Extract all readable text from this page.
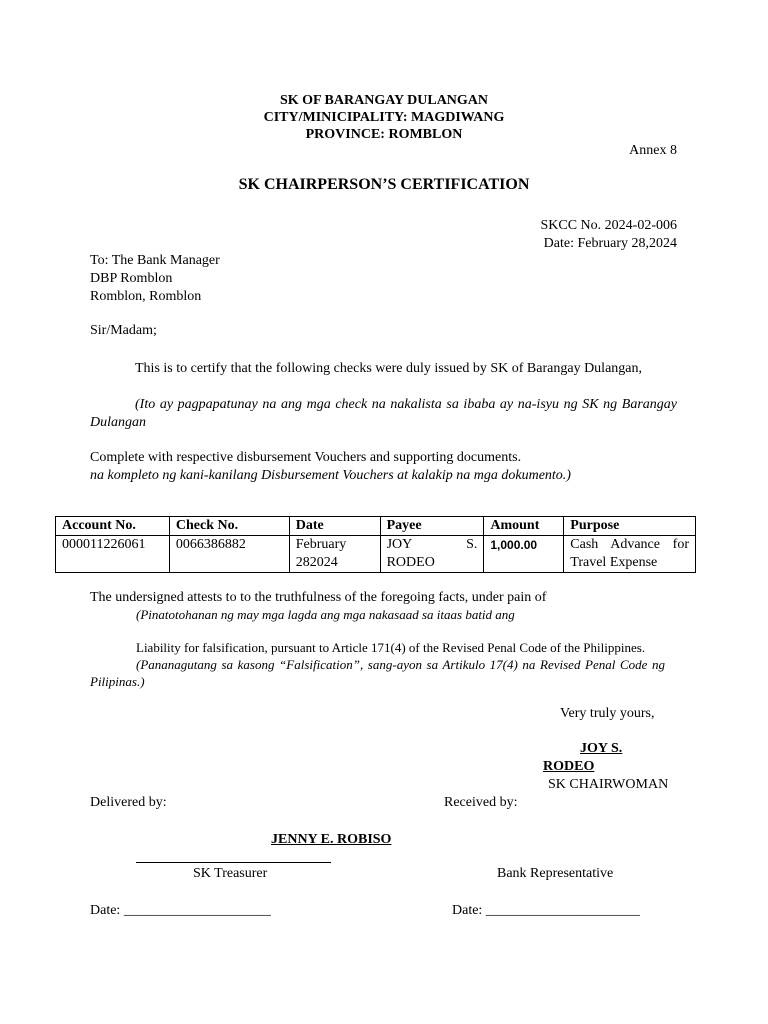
SK OF BARANGAY DULANGAN
CITY/MINICIPALITY: MAGDIWANG
PROVINCE: ROMBLON
Annex 8
SK CHAIRPERSON’S CERTIFICATION
SKCC No. 2024-02-006
Date: February 28,2024
To: The Bank Manager
DBP Romblon
Romblon, Romblon
Sir/Madam;
This is to certify that the following checks were duly issued by SK of Barangay Dulangan,
(Ito ay pagpapatunay na ang mga check na nakalista sa ibaba ay na-isyu ng SK ng Barangay Dulangan
Complete with respective disbursement Vouchers and supporting documents.
na kompleto ng kani-kanilang Disbursement Vouchers at kalakip na mga dokumento.)
Account No.	Check No.	Date	Payee	Amount	Purpose
000011226061	0066386882	February 282024	JOY S. RODEO	1,000.00	Cash Advance for Travel Expense
The undersigned attests to to the truthfulness of the foregoing facts, under pain of
(Pinatotohanan ng may mga lagda ang mga nakasaad sa itaas batid ang
Liability for falsification, pursuant to Article 171(4) of the Revised Penal Code of the Philippines.
(Pananagutang sa kasong “Falsification”, sang-ayon sa Artikulo 17(4) na Revised Penal Code ng Pilipinas.)
Very truly yours,
JOY S.
RODEO
SK CHAIRWOMAN
Delivered by:	Received by:
JENNY E. ROBISO
SK Treasurer	Bank Representative
Date: _____________________	Date: ______________________
